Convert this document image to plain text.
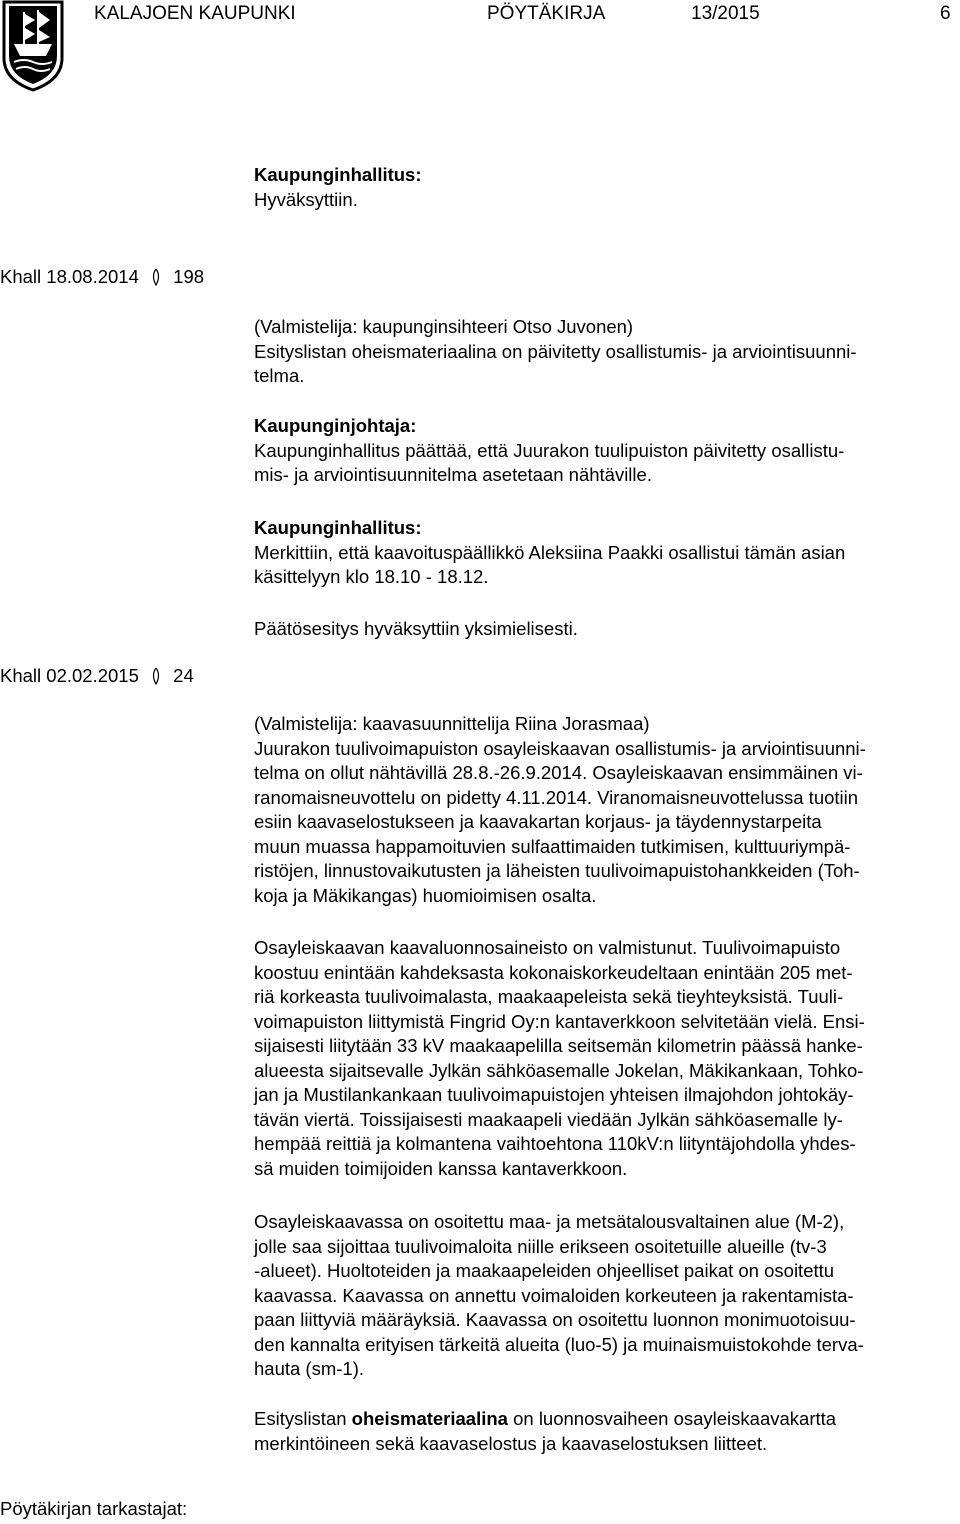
KALAJOEN KAUPUNKI	PÖYTÄKIRJA	13/2015	6
Kaupunginhallitus:
Hyväksyttiin.
Khall 18.08.2014 198
(Valmistelija: kaupunginsihteeri Otso Juvonen)
Esityslistan oheismateriaalina on päivitetty osallistumis- ja arviointisuunni-
telma.
Kaupunginjohtaja:
Kaupunginhallitus päättää, että Juurakon tuulipuiston päivitetty osallistu-
mis- ja arviointisuunnitelma asetetaan nähtäville.
Kaupunginhallitus:
Merkittiin, että kaavoituspäällikkö Aleksiina Paakki osallistui tämän asian
käsittelyyn klo 18.10 - 18.12.
Päätösesitys hyväksyttiin yksimielisesti.
Khall 02.02.2015 24
(Valmistelija: kaavasuunnittelija Riina Jorasmaa)
Juurakon tuulivoimapuiston osayleiskaavan osallistumis- ja arviointisuunni-
telma on ollut nähtävillä 28.8.-26.9.2014. Osayleiskaavan ensimmäinen vi-
ranomaisneuvottelu on pidetty 4.11.2014. Viranomaisneuvottelussa tuotiin
esiin kaavaselostukseen ja kaavakartan korjaus- ja täydennystarpeita
muun muassa happamoituvien sulfaattimaiden tutkimisen, kulttuuriympä-
ristöjen, linnustovaikutusten ja läheisten tuulivoimapuistohankkeiden (Toh-
koja ja Mäkikangas) huomioimisen osalta.
Osayleiskaavan kaavaluonnosaineisto on valmistunut. Tuulivoimapuisto
koostuu enintään kahdeksasta kokonaiskorkeudeltaan enintään 205 met-
riä korkeasta tuulivoimalasta, maakaapeleista sekä tieyhteyksistä. Tuuli-
voimapuiston liittymistä Fingrid Oy:n kantaverkkoon selvitetään vielä. Ensi-
sijaisesti liitytään 33 kV maakaapelilla seitsemän kilometrin päässä hanke-
alueesta sijaitsevalle Jylkän sähköasemalle Jokelan, Mäkikankaan, Tohko-
jan ja Mustilankankaan tuulivoimapuistojen yhteisen ilmajohdon johtokäy-
tävän viertä. Toissijaisesti maakaapeli viedään Jylkän sähköasemalle ly-
hempää reittiä ja kolmantena vaihtoehtona 110kV:n liityntäjohdolla yhdes-
sä muiden toimijoiden kanssa kantaverkkoon.
Osayleiskaavassa on osoitettu maa- ja metsätalousvaltainen alue (M-2),
jolle saa sijoittaa tuulivoimaloita niille erikseen osoitetuille alueille (tv-3
-alueet). Huoltoteiden ja maakaapeleiden ohjeelliset paikat on osoitettu
kaavassa. Kaavassa on annettu voimaloiden korkeuteen ja rakentamista-
paan liittyviä määräyksiä. Kaavassa on osoitettu luonnon monimuotoisuu-
den kannalta erityisen tärkeitä alueita (luo-5) ja muinaismuistokohde terva-
hauta (sm-1).
Esityslistan oheismateriaalina on luonnosvaiheen osayleiskaavakartta
merkintöineen sekä kaavaselostus ja kaavaselostuksen liitteet.
Pöytäkirjan tarkastajat:
